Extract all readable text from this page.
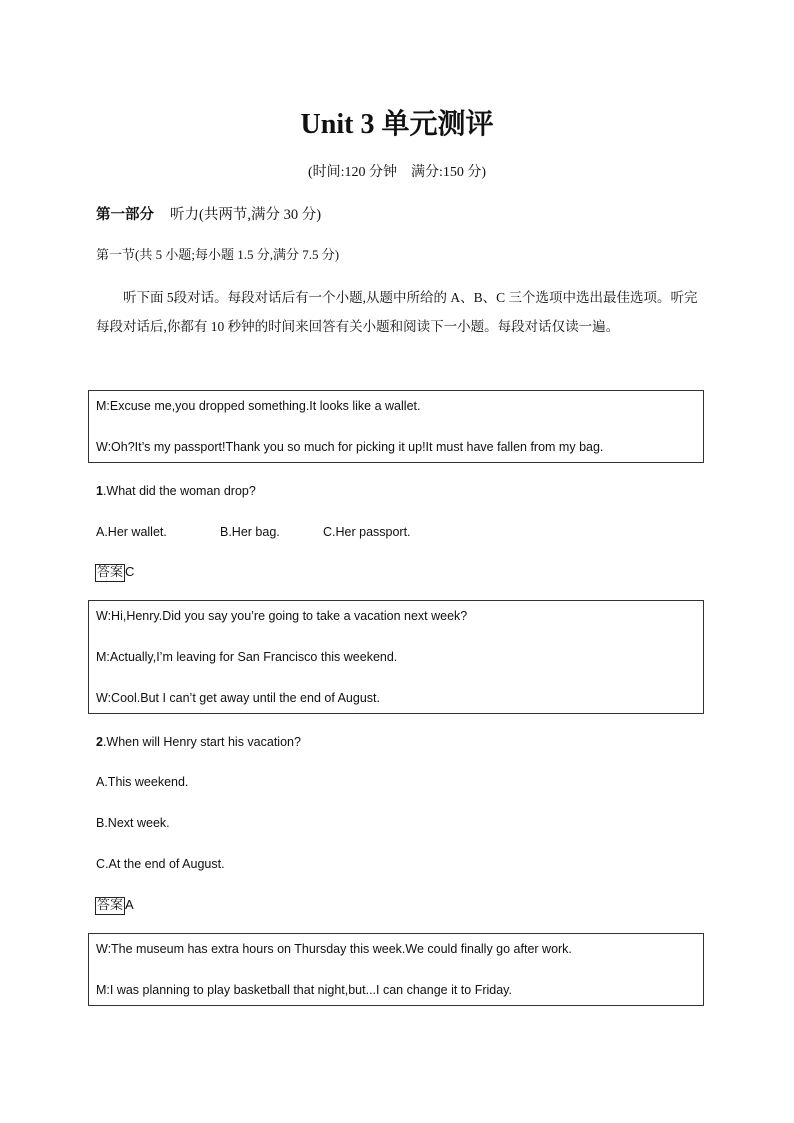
Unit 3 单元测评
(时间:120 分钟　满分:150 分)
第一部分 听力(共两节,满分 30 分)
第一节(共 5 小题;每小题 1.5 分,满分 7.5 分)
听下面 5段对话。每段对话后有一个小题,从题中所给的 A、B、C 三个选项中选出最佳选项。听完每段对话后,你都有 10 秒钟的时间来回答有关小题和阅读下一小题。每段对话仅读一遍。
M:Excuse me,you dropped something.It looks like a wallet.
W:Oh?It’s my passport!Thank you so much for picking it up!It must have fallen from my bag.
1.What did the woman drop?
A.Her wallet.	B.Her bag.	C.Her passport.
答案 C
W:Hi,Henry.Did you say you’re going to take a vacation next week?
M:Actually,I’m leaving for San Francisco this weekend.
W:Cool.But I can’t get away until the end of August.
2.When will Henry start his vacation?
A.This weekend.
B.Next week.
C.At the end of August.
答案 A
W:The museum has extra hours on Thursday this week.We could finally go after work.
M:I was planning to play basketball that night,but...I can change it to Friday.
